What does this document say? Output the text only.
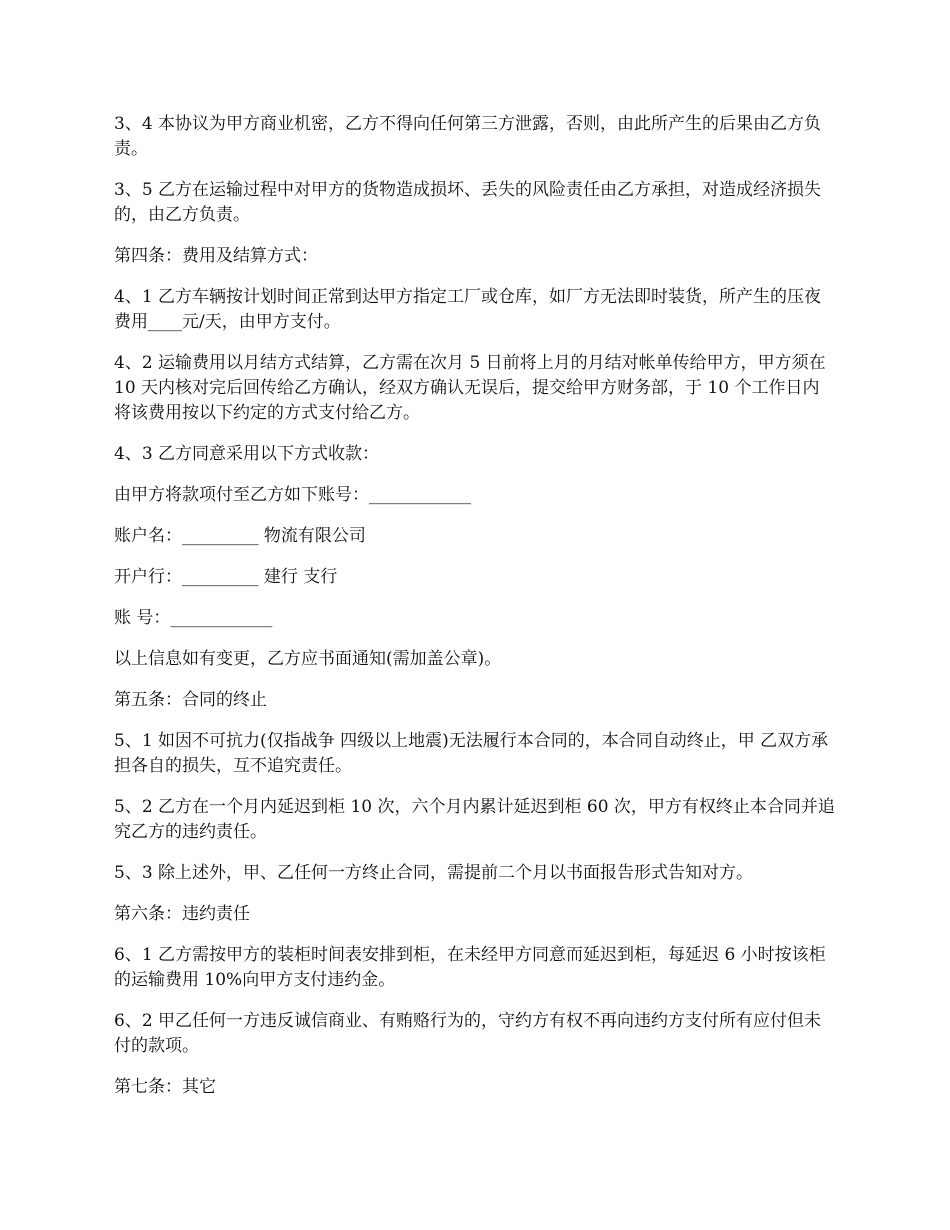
3、4 本协议为甲方商业机密，乙方不得向任何第三方泄露，否则，由此所产生的后果由乙方负责。

3、5 乙方在运输过程中对甲方的货物造成损坏、丢失的风险责任由乙方承担，对造成经济损失的，由乙方负责。

第四条：费用及结算方式：

4、1 乙方车辆按计划时间正常到达甲方指定工厂或仓库，如厂方无法即时装货，所产生的压夜费用____元/天，由甲方支付。

4、2 运输费用以月结方式结算，乙方需在次月 5 日前将上月的月结对帐单传给甲方，甲方须在 10 天内核对完后回传给乙方确认，经双方确认无误后，提交给甲方财务部，于 10 个工作日内将该费用按以下约定的方式支付给乙方。

4、3 乙方同意采用以下方式收款：

由甲方将款项付至乙方如下账号：____________

账户名：_________ 物流有限公司

开户行：_________ 建行 支行

账 号：____________

以上信息如有变更，乙方应书面通知(需加盖公章)。

第五条：合同的终止

5、1 如因不可抗力(仅指战争 四级以上地震)无法履行本合同的，本合同自动终止，甲 乙双方承担各自的损失，互不追究责任。

5、2 乙方在一个月内延迟到柜 10 次，六个月内累计延迟到柜 60 次，甲方有权终止本合同并追究乙方的违约责任。

5、3 除上述外，甲、乙任何一方终止合同，需提前二个月以书面报告形式告知对方。

第六条：违约责任

6、1 乙方需按甲方的装柜时间表安排到柜，在未经甲方同意而延迟到柜，每延迟 6 小时按该柜的运输费用 10%向甲方支付违约金。

6、2 甲乙任何一方违反诚信商业、有贿赂行为的，守约方有权不再向违约方支付所有应付但未付的款项。

第七条：其它
